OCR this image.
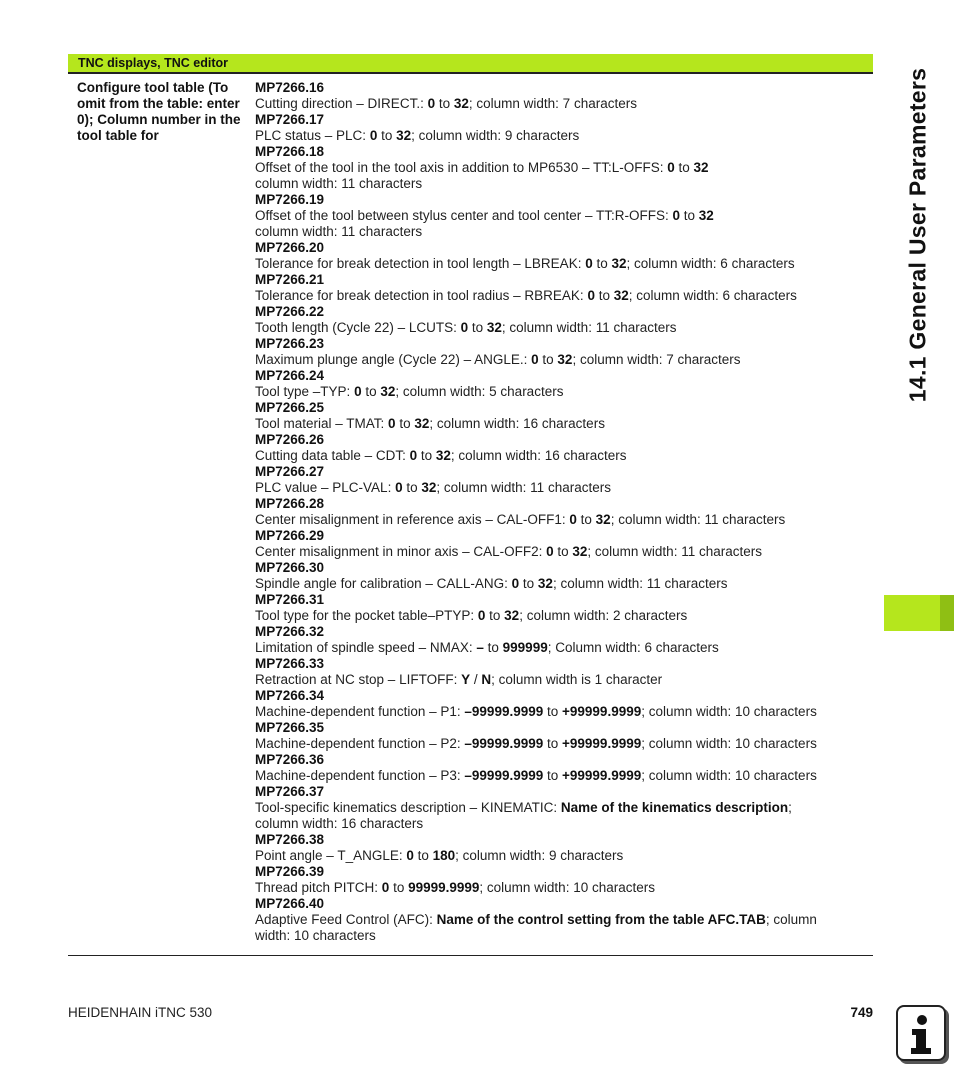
TNC displays, TNC editor
Configure tool table (To omit from the table: enter 0); Column number in the tool table for
MP7266.16
Cutting direction – DIRECT.: 0 to 32; column width: 7 characters
MP7266.17
PLC status – PLC: 0 to 32; column width: 9 characters
MP7266.18
Offset of the tool in the tool axis in addition to MP6530 – TT:L-OFFS: 0 to 32
column width: 11 characters
MP7266.19
Offset of the tool between stylus center and tool center – TT:R-OFFS: 0 to 32
column width: 11 characters
MP7266.20
Tolerance for break detection in tool length – LBREAK: 0 to 32; column width: 6 characters
MP7266.21
Tolerance for break detection in tool radius – RBREAK: 0 to 32; column width: 6 characters
MP7266.22
Tooth length (Cycle 22) – LCUTS: 0 to 32; column width: 11 characters
MP7266.23
Maximum plunge angle (Cycle 22) – ANGLE.: 0 to 32; column width: 7 characters
MP7266.24
Tool type –TYP: 0 to 32; column width: 5 characters
MP7266.25
Tool material – TMAT: 0 to 32; column width: 16 characters
MP7266.26
Cutting data table – CDT: 0 to 32; column width: 16 characters
MP7266.27
PLC value – PLC-VAL: 0 to 32; column width: 11 characters
MP7266.28
Center misalignment in reference axis – CAL-OFF1: 0 to 32; column width: 11 characters
MP7266.29
Center misalignment in minor axis – CAL-OFF2: 0 to 32; column width: 11 characters
MP7266.30
Spindle angle for calibration – CALL-ANG: 0 to 32; column width: 11 characters
MP7266.31
Tool type for the pocket table–PTYP: 0 to 32; column width: 2 characters
MP7266.32
Limitation of spindle speed – NMAX: – to 999999; Column width: 6 characters
MP7266.33
Retraction at NC stop – LIFTOFF: Y / N; column width is 1 character
MP7266.34
Machine-dependent function – P1: –99999.9999 to +99999.9999; column width: 10 characters
MP7266.35
Machine-dependent function – P2: –99999.9999 to +99999.9999; column width: 10 characters
MP7266.36
Machine-dependent function – P3: –99999.9999 to +99999.9999; column width: 10 characters
MP7266.37
Tool-specific kinematics description – KINEMATIC: Name of the kinematics description;
column width: 16 characters
MP7266.38
Point angle – T_ANGLE: 0 to 180; column width: 9 characters
MP7266.39
Thread pitch PITCH: 0 to 99999.9999; column width: 10 characters
MP7266.40
Adaptive Feed Control (AFC): Name of the control setting from the table AFC.TAB; column
width: 10 characters
HEIDENHAIN iTNC 530	749
14.1 General User Parameters
